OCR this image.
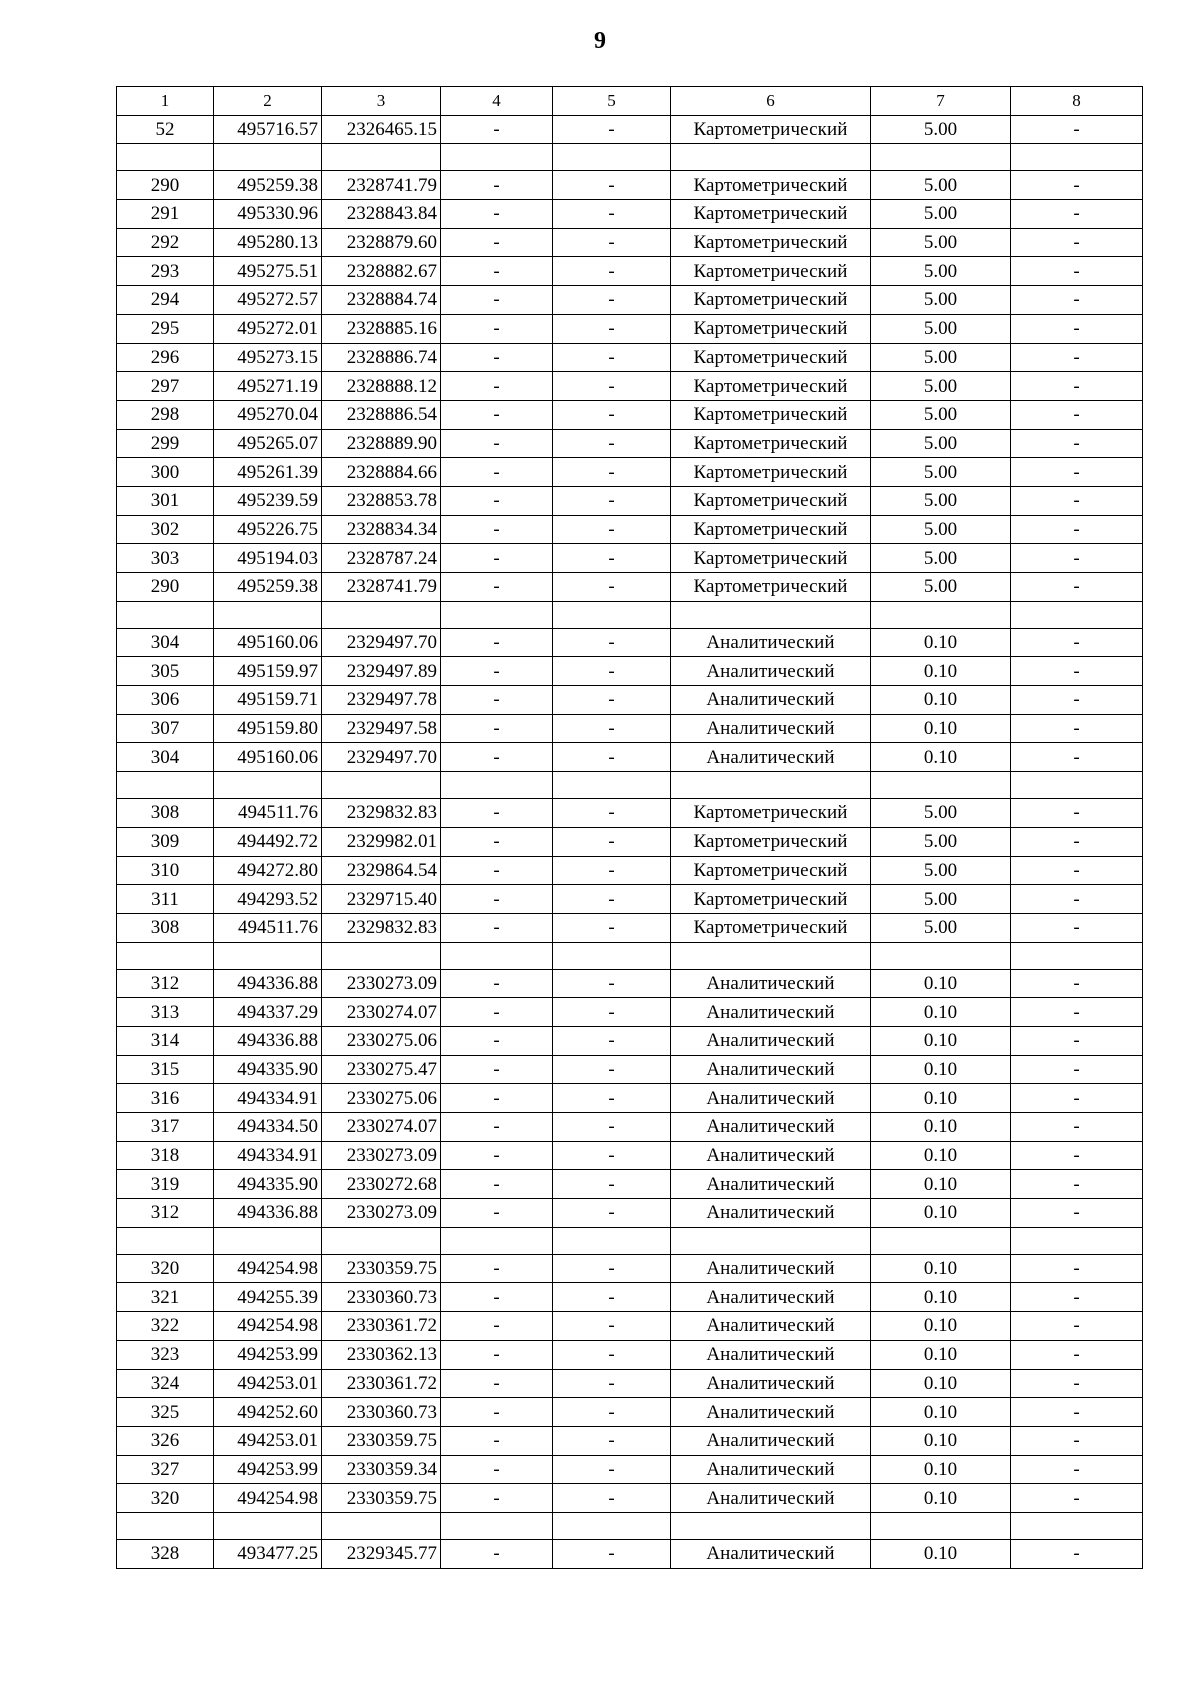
9
1	2	3	4	5	6	7	8
52	495716.57	2326465.15	-	-	Картометрический	5.00	-

290	495259.38	2328741.79	-	-	Картометрический	5.00	-
291	495330.96	2328843.84	-	-	Картометрический	5.00	-
292	495280.13	2328879.60	-	-	Картометрический	5.00	-
293	495275.51	2328882.67	-	-	Картометрический	5.00	-
294	495272.57	2328884.74	-	-	Картометрический	5.00	-
295	495272.01	2328885.16	-	-	Картометрический	5.00	-
296	495273.15	2328886.74	-	-	Картометрический	5.00	-
297	495271.19	2328888.12	-	-	Картометрический	5.00	-
298	495270.04	2328886.54	-	-	Картометрический	5.00	-
299	495265.07	2328889.90	-	-	Картометрический	5.00	-
300	495261.39	2328884.66	-	-	Картометрический	5.00	-
301	495239.59	2328853.78	-	-	Картометрический	5.00	-
302	495226.75	2328834.34	-	-	Картометрический	5.00	-
303	495194.03	2328787.24	-	-	Картометрический	5.00	-
290	495259.38	2328741.79	-	-	Картометрический	5.00	-

304	495160.06	2329497.70	-	-	Аналитический	0.10	-
305	495159.97	2329497.89	-	-	Аналитический	0.10	-
306	495159.71	2329497.78	-	-	Аналитический	0.10	-
307	495159.80	2329497.58	-	-	Аналитический	0.10	-
304	495160.06	2329497.70	-	-	Аналитический	0.10	-

308	494511.76	2329832.83	-	-	Картометрический	5.00	-
309	494492.72	2329982.01	-	-	Картометрический	5.00	-
310	494272.80	2329864.54	-	-	Картометрический	5.00	-
311	494293.52	2329715.40	-	-	Картометрический	5.00	-
308	494511.76	2329832.83	-	-	Картометрический	5.00	-

312	494336.88	2330273.09	-	-	Аналитический	0.10	-
313	494337.29	2330274.07	-	-	Аналитический	0.10	-
314	494336.88	2330275.06	-	-	Аналитический	0.10	-
315	494335.90	2330275.47	-	-	Аналитический	0.10	-
316	494334.91	2330275.06	-	-	Аналитический	0.10	-
317	494334.50	2330274.07	-	-	Аналитический	0.10	-
318	494334.91	2330273.09	-	-	Аналитический	0.10	-
319	494335.90	2330272.68	-	-	Аналитический	0.10	-
312	494336.88	2330273.09	-	-	Аналитический	0.10	-

320	494254.98	2330359.75	-	-	Аналитический	0.10	-
321	494255.39	2330360.73	-	-	Аналитический	0.10	-
322	494254.98	2330361.72	-	-	Аналитический	0.10	-
323	494253.99	2330362.13	-	-	Аналитический	0.10	-
324	494253.01	2330361.72	-	-	Аналитический	0.10	-
325	494252.60	2330360.73	-	-	Аналитический	0.10	-
326	494253.01	2330359.75	-	-	Аналитический	0.10	-
327	494253.99	2330359.34	-	-	Аналитический	0.10	-
320	494254.98	2330359.75	-	-	Аналитический	0.10	-

328	493477.25	2329345.77	-	-	Аналитический	0.10	-
